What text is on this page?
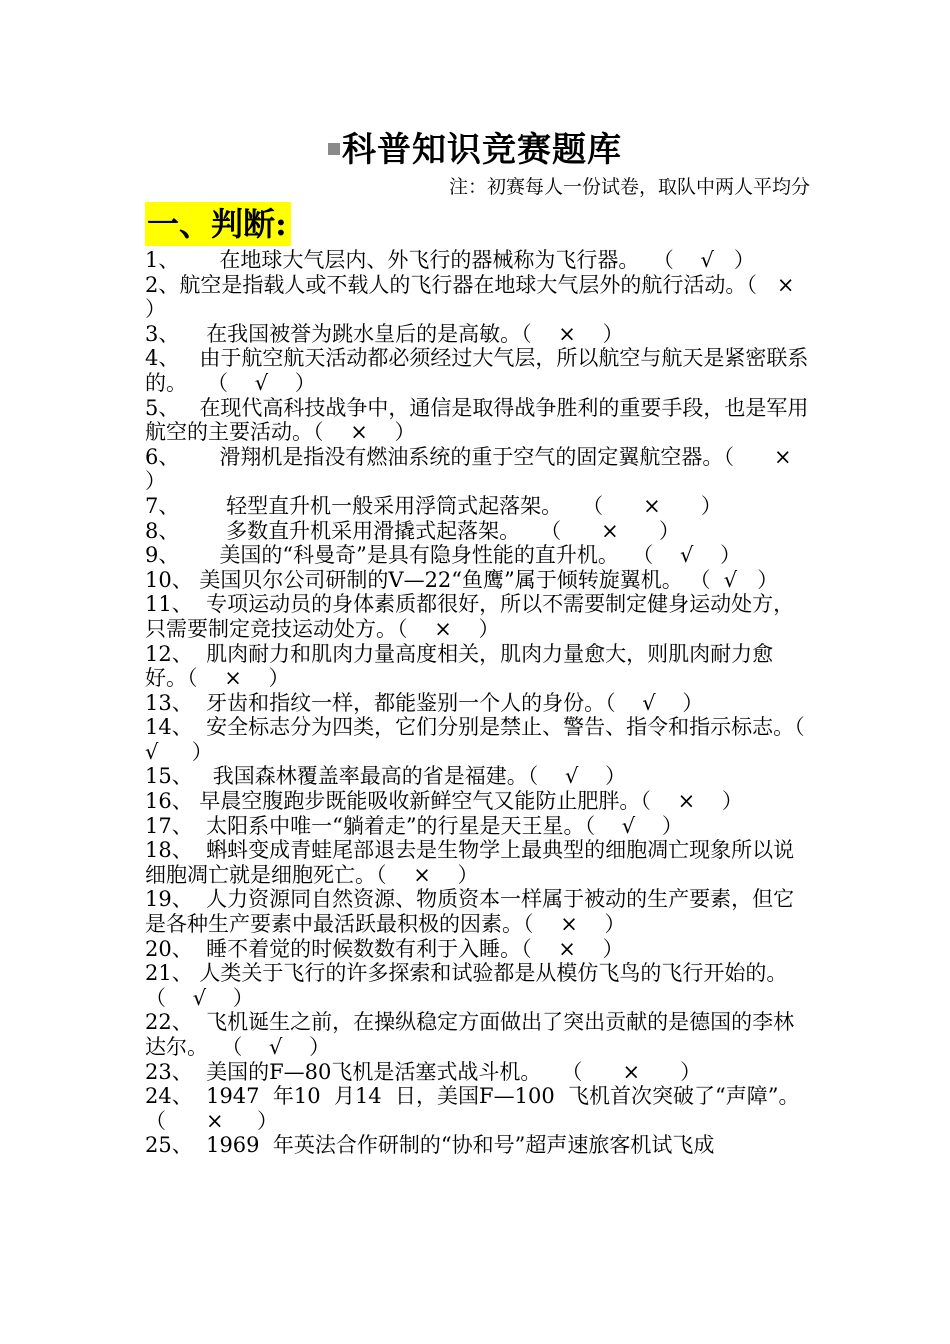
科普知识竞赛题库
注：初赛每人一份试卷，取队中两人平均分
一、判断:

1、      在地球大气层内、外飞行的器械称为飞行器。  （    √   ）

2、航空是指载人或不载人的飞行器在地球大气层外的航行活动。（   ×    ）

3、    在我国被誉为跳水皇后的是高敏。（    ×    ）

4、   由于航空航天活动都必须经过大气层，所以航空与航天是紧密联系的。   （    √    ）

5、   在现代高科技战争中，通信是取得战争胜利的重要手段，也是军用航空的主要活动。（    ×    ）

6、      滑翔机是指没有燃油系统的重于空气的固定翼航空器。（      ×     ）

7、       轻型直升机一般采用浮筒式起落架。   （      ×      ）

8、       多数直升机采用滑撬式起落架。   （      ×      ）

9、      美国的“科曼奇”是具有隐身性能的直升机。  （    √    ）

10、 美国贝尔公司研制的V—22“鱼鹰”属于倾转旋翼机。 （  √   ）

11、  专项运动员的身体素质都很好，所以不需要制定健身运动处方，只需要制定竞技运动处方。（    ×    ）

12、  肌肉耐力和肌肉力量高度相关，肌肉力量愈大，则肌肉耐力愈好。（    ×    ）

13、  牙齿和指纹一样，都能鉴别一个人的身份。（    √    ）

14、  安全标志分为四类，它们分别是禁止、警告、指令和指示标志。（    √     ）

15、   我国森林覆盖率最高的省是福建。（    √    ）

16、 早晨空腹跑步既能吸收新鲜空气又能防止肥胖。（    ×    ）

17、  太阳系中唯一“躺着走”的行星是天王星。（    √    ）

18、  蝌蚪变成青蛙尾部退去是生物学上最典型的细胞凋亡现象所以说细胞凋亡就是细胞死亡。（    ×    ）

19、  人力资源同自然资源、物质资本一样属于被动的生产要素，但它是各种生产要素中最活跃最积极的因素。（    ×    ）

20、  睡不着觉的时候数数有利于入睡。（    ×    ）

21、 人类关于飞行的许多探索和试验都是从模仿飞鸟的飞行开始的。  （    √    ）

22、  飞机诞生之前，在操纵稳定方面做出了突出贡献的是德国的李林达尔。  （    √    ）

23、  美国的F—80飞机是活塞式战斗机。   （      ×      ）

24、  1947  年10  月14  日，美国F—100  飞机首次突破了“声障”。  （      ×     ）

25、  1969  年英法合作研制的“协和号”超声速旅客机试飞成
